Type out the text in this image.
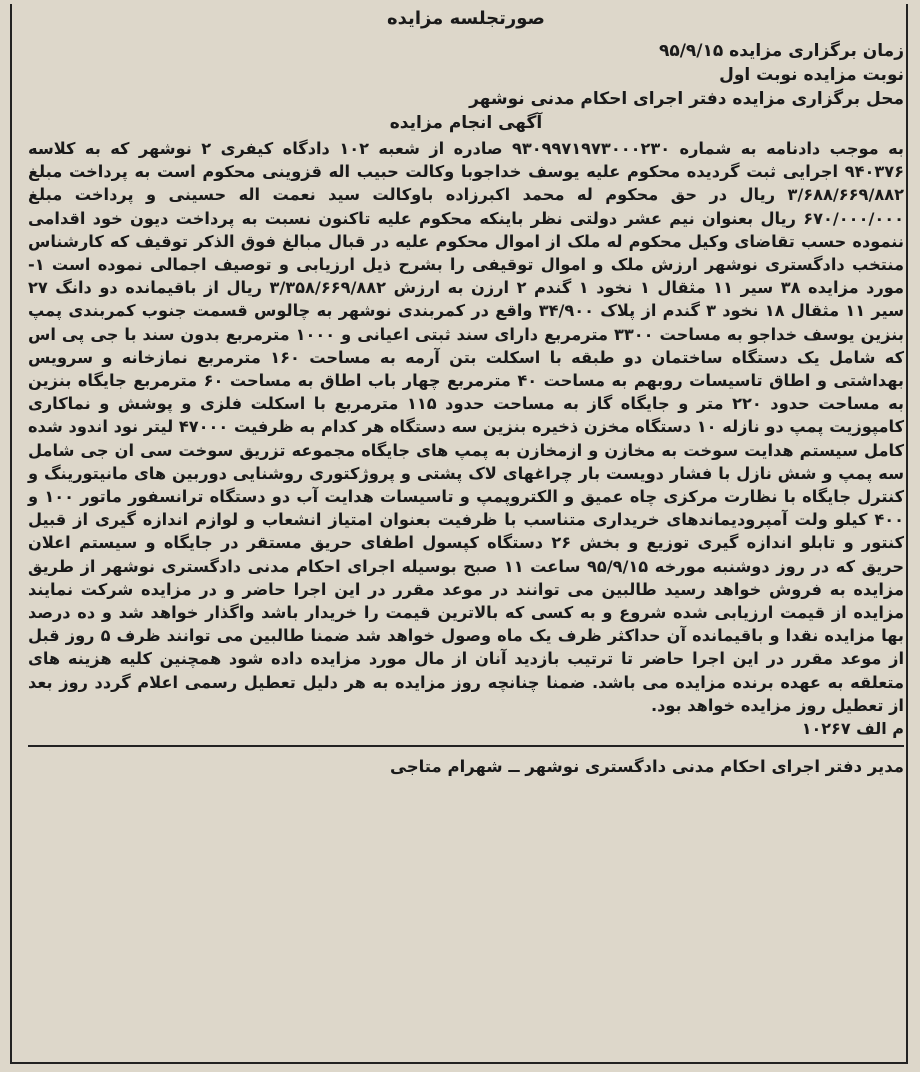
صورتجلسه مزایده

زمان برگزاری مزایده ۹۵/۹/۱۵

نوبت مزایده نوبت اول

محل برگزاری مزایده دفتر اجرای احکام مدنی نوشهر

آگهی انجام مزایده

به موجب دادنامه به شماره ۹۳۰۹۹۷۱۹۷۳۰۰۰۲۳۰ صادره از شعبه ۱۰۲ دادگاه کیفری ۲ نوشهر که به کلاسه ۹۴۰۳۷۶ اجرایی ثبت گردیده محکوم علیه یوسف خداجوبا وکالت حبیب اله قزوینی محکوم است به پرداخت مبلغ ۳/۶۸۸/۶۶۹/۸۸۲ ریال در حق محکوم له محمد اکبرزاده باوکالت سید نعمت اله حسینی و پرداخت مبلغ ۶۷۰/۰۰۰/۰۰۰ ریال بعنوان نیم عشر دولتی نظر باینکه محکوم علیه تاکنون نسبت به پرداخت دیون خود اقدامی ننموده حسب تقاضای وکیل محکوم له ملک از اموال محکوم علیه در قبال مبالغ فوق الذکر توقیف که کارشناس منتخب دادگستری نوشهر ارزش ملک و اموال توقیفی را بشرح ذیل ارزیابی و توصیف اجمالی نموده است ۱- مورد مزایده ۳۸ سیر ۱۱ مثقال ۱ نخود ۱ گندم ۲ ارزن به ارزش ۳/۳۵۸/۶۶۹/۸۸۲ ریال از باقیمانده دو دانگ ۲۷ سیر ۱۱ مثقال ۱۸ نخود ۳ گندم از پلاک ۳۴/۹۰۰ واقع در کمربندی نوشهر به چالوس قسمت جنوب کمربندی پمپ بنزین یوسف خداجو به مساحت ۳۳۰۰ مترمربع دارای سند ثبتی اعیانی و ۱۰۰۰ مترمربع بدون سند با جی پی اس که شامل یک دستگاه ساختمان دو طبقه با اسکلت بتن آرمه به مساحت ۱۶۰ مترمربع نمازخانه و سرویس بهداشتی و اطاق تاسیسات روبهم به مساحت ۴۰ مترمربع چهار باب اطاق به مساحت ۶۰ مترمربع جایگاه بنزین به مساحت حدود ۲۲۰ متر و جایگاه گاز به مساحت حدود ۱۱۵ مترمربع با اسکلت فلزی و پوشش و نماکاری کامپوزیت پمپ دو نازله ۱۰ دستگاه مخزن ذخیره بنزین سه دستگاه هر کدام به ظرفیت ۴۷۰۰۰ لیتر نود اندود شده کامل سیستم هدایت سوخت به مخازن و ازمخازن به پمپ های جایگاه مجموعه تزریق سوخت سی ان جی شامل سه پمپ و شش نازل با فشار دویست بار چراغهای لاک پشتی و پروژکتوری روشنایی دوربین های مانیتورینگ و کنترل جایگاه با نظارت مرکزی چاه عمیق و الکتروپمپ و تاسیسات هدایت آب دو دستگاه ترانسفور ماتور ۱۰۰ و ۴۰۰ کیلو ولت آمپرودیماندهای خریداری متناسب با ظرفیت بعنوان امتیاز انشعاب و لوازم اندازه گیری از قبیل کنتور و تابلو اندازه گیری توزیع و بخش ۲۶ دستگاه کپسول اطفای حریق مستقر در جایگاه و سیستم اعلان حریق که در روز دوشنبه مورخه ۹۵/۹/۱۵ ساعت ۱۱ صبح بوسیله اجرای احکام مدنی دادگستری نوشهر از طریق مزایده به فروش خواهد رسید طالبین می توانند در موعد مقرر در این اجرا حاضر و در مزایده شرکت نمایند مزایده از قیمت ارزیابی شده شروع و به کسی که بالاترین قیمت را خریدار باشد واگذار خواهد شد و ده درصد بها مزایده نقدا و باقیمانده آن حداکثر ظرف یک ماه وصول خواهد شد ضمنا طالبین می توانند ظرف ۵ روز قبل از موعد مقرر در این اجرا حاضر تا ترتیب بازدید آنان از مال مورد مزایده داده شود همچنین کلیه هزینه های متعلقه به عهده برنده مزایده می باشد. ضمنا چنانچه روز مزایده به هر دلیل تعطیل رسمی اعلام گردد روز بعد از تعطیل روز مزایده خواهد بود.

م الف ۱۰۲۶۷

مدیر دفتر اجرای احکام مدنی دادگستری نوشهر ــ شهرام متاجی
